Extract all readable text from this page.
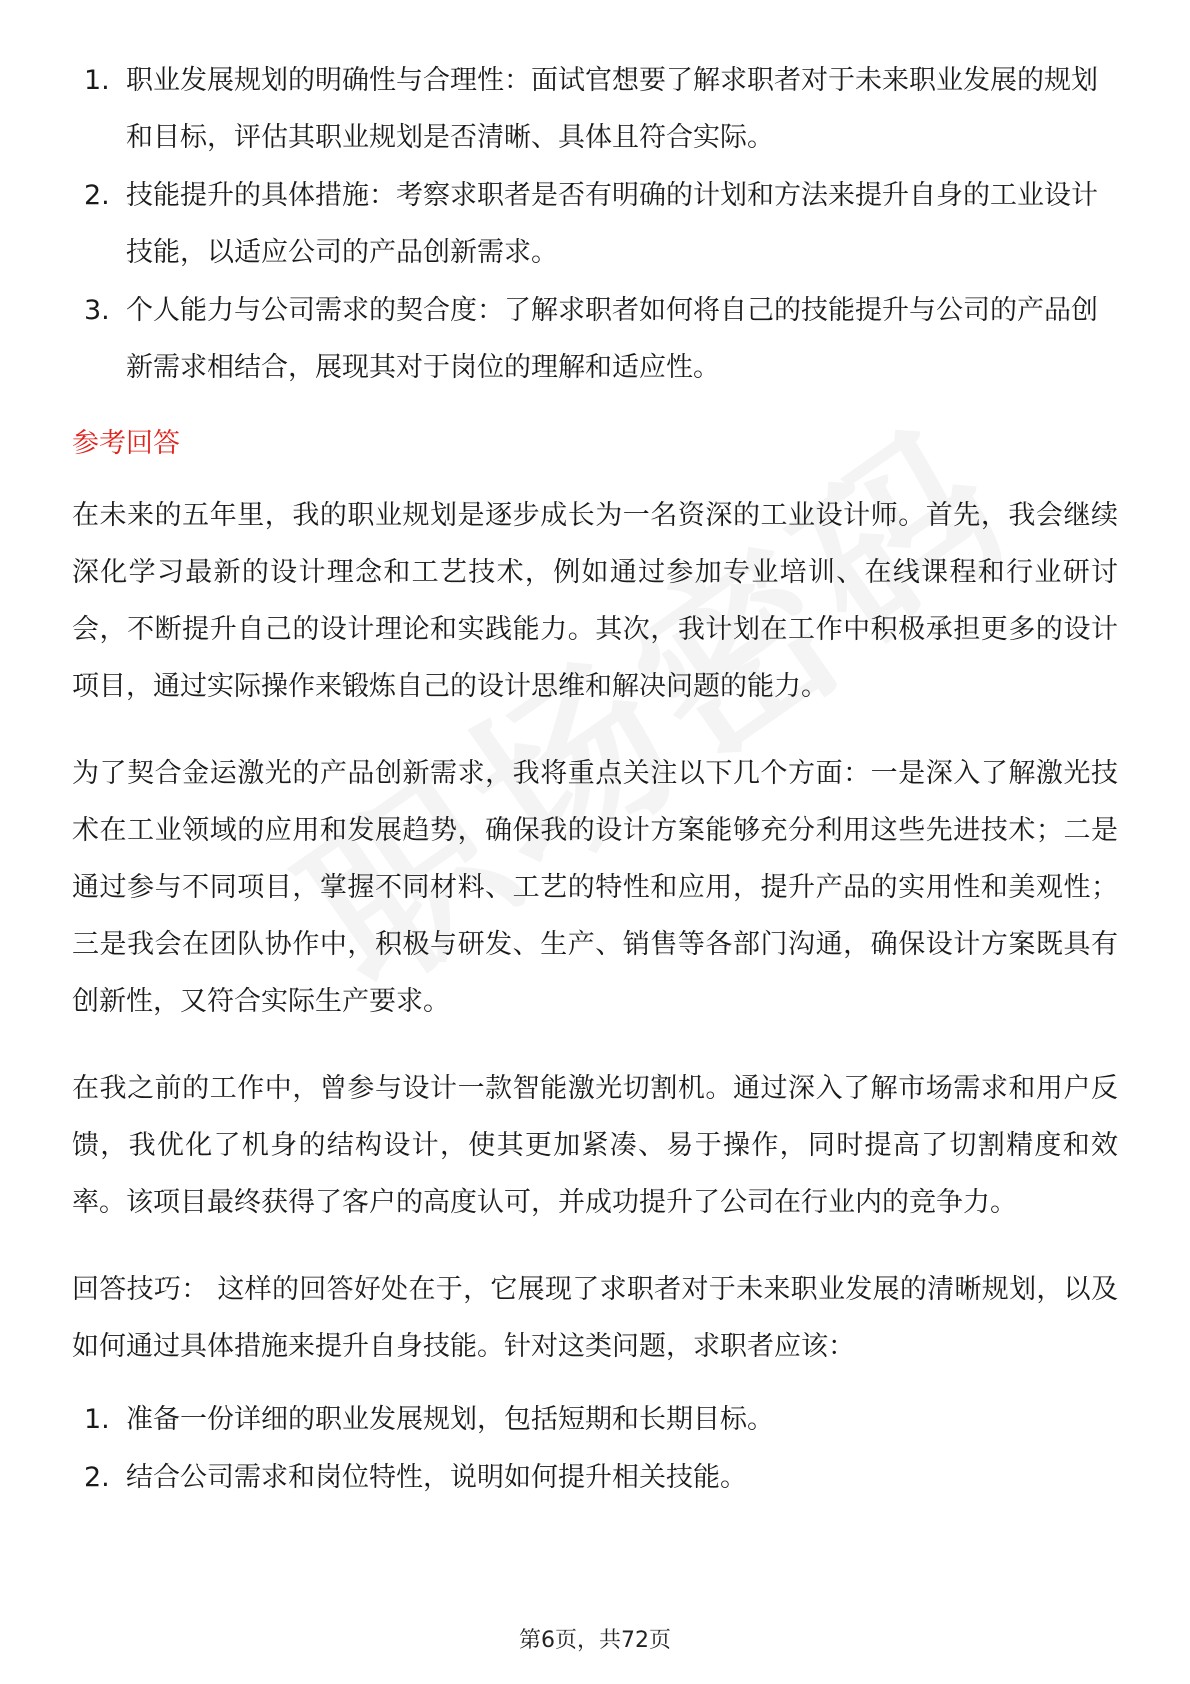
1. 职业发展规划的明确性与合理性：面试官想要了解求职者对于未来职业发展的规划和目标，评估其职业规划是否清晰、具体且符合实际。
2. 技能提升的具体措施：考察求职者是否有明确的计划和方法来提升自身的工业设计技能，以适应公司的产品创新需求。
3. 个人能力与公司需求的契合度：了解求职者如何将自己的技能提升与公司的产品创新需求相结合，展现其对于岗位的理解和适应性。
参考回答

在未来的五年里，我的职业规划是逐步成长为一名资深的工业设计师。首先，我会继续深化学习最新的设计理念和工艺技术，例如通过参加专业培训、在线课程和行业研讨会，不断提升自己的设计理论和实践能力。其次，我计划在工作中积极承担更多的设计项目，通过实际操作来锻炼自己的设计思维和解决问题的能力。

为了契合金运激光的产品创新需求，我将重点关注以下几个方面：一是深入了解激光技术在工业领域的应用和发展趋势，确保我的设计方案能够充分利用这些先进技术；二是通过参与不同项目，掌握不同材料、工艺的特性和应用，提升产品的实用性和美观性；三是我会在团队协作中，积极与研发、生产、销售等各部门沟通，确保设计方案既具有创新性，又符合实际生产要求。

在我之前的工作中，曾参与设计一款智能激光切割机。通过深入了解市场需求和用户反馈，我优化了机身的结构设计，使其更加紧凑、易于操作，同时提高了切割精度和效率。该项目最终获得了客户的高度认可，并成功提升了公司在行业内的竞争力。

回答技巧： 这样的回答好处在于，它展现了求职者对于未来职业发展的清晰规划，以及如何通过具体措施来提升自身技能。针对这类问题，求职者应该：

1. 准备一份详细的职业发展规划，包括短期和长期目标。
2. 结合公司需求和岗位特性，说明如何提升相关技能。
第6页，共72页
